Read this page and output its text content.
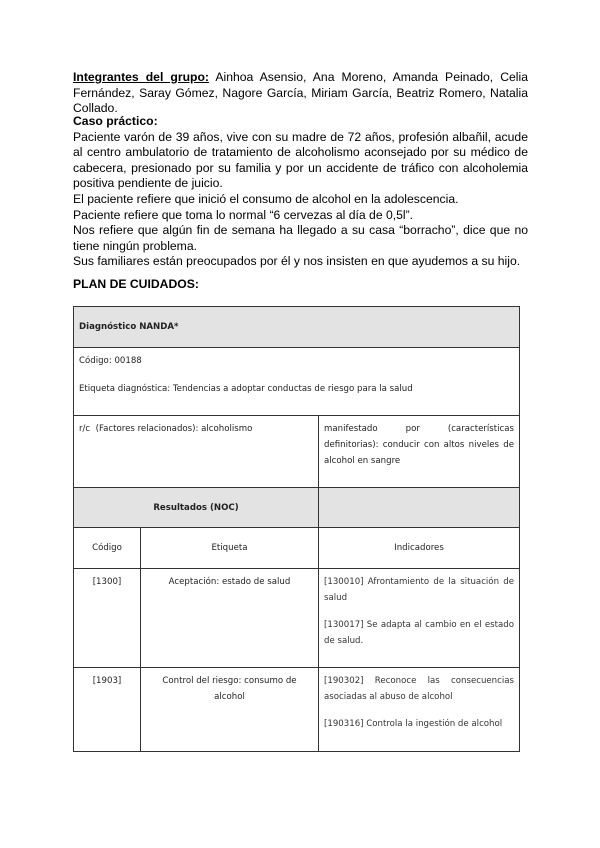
Integrantes del grupo: Ainhoa Asensio, Ana Moreno, Amanda Peinado, Celia Fernández, Saray Gómez, Nagore García, Miriam García, Beatriz Romero, Natalia Collado.

Caso práctico:

Paciente varón de 39 años, vive con su madre de 72 años, profesión albañil, acude al centro ambulatorio de tratamiento de alcoholismo aconsejado por su médico de cabecera, presionado por su familia y por un accidente de tráfico con alcoholemia positiva pendiente de juicio.

El paciente refiere que inició el consumo de alcohol en la adolescencia.

Paciente refiere que toma lo normal “6 cervezas al día de 0,5l”.

Nos refiere que algún fin de semana ha llegado a su casa “borracho”, dice que no tiene ningún problema.

Sus familiares están preocupados por él y nos insisten en que ayudemos a su hijo.

PLAN DE CUIDADOS:
Diagnóstico NANDA*		

Código: 00188
Etiqueta diagnóstica: Tendencias a adoptar conductas de riesgo para la salud		

r/c  (Factores relacionados): alcoholismo		manifestado por (características definitorias): conducir con altos niveles de alcohol en sangre
Resultados (NOC)		
Código	Etiqueta	Indicadores
[1300]	Aceptación: estado de salud	[130010] Afrontamiento de la situación de salud
[130017] Se adapta al cambio en el estado de salud.

[1903]	Control del riesgo: consumo de alcohol	[190302] Reconoce las consecuencias asociadas al abuso de alcohol
[190316] Controla la ingestión de alcohol
